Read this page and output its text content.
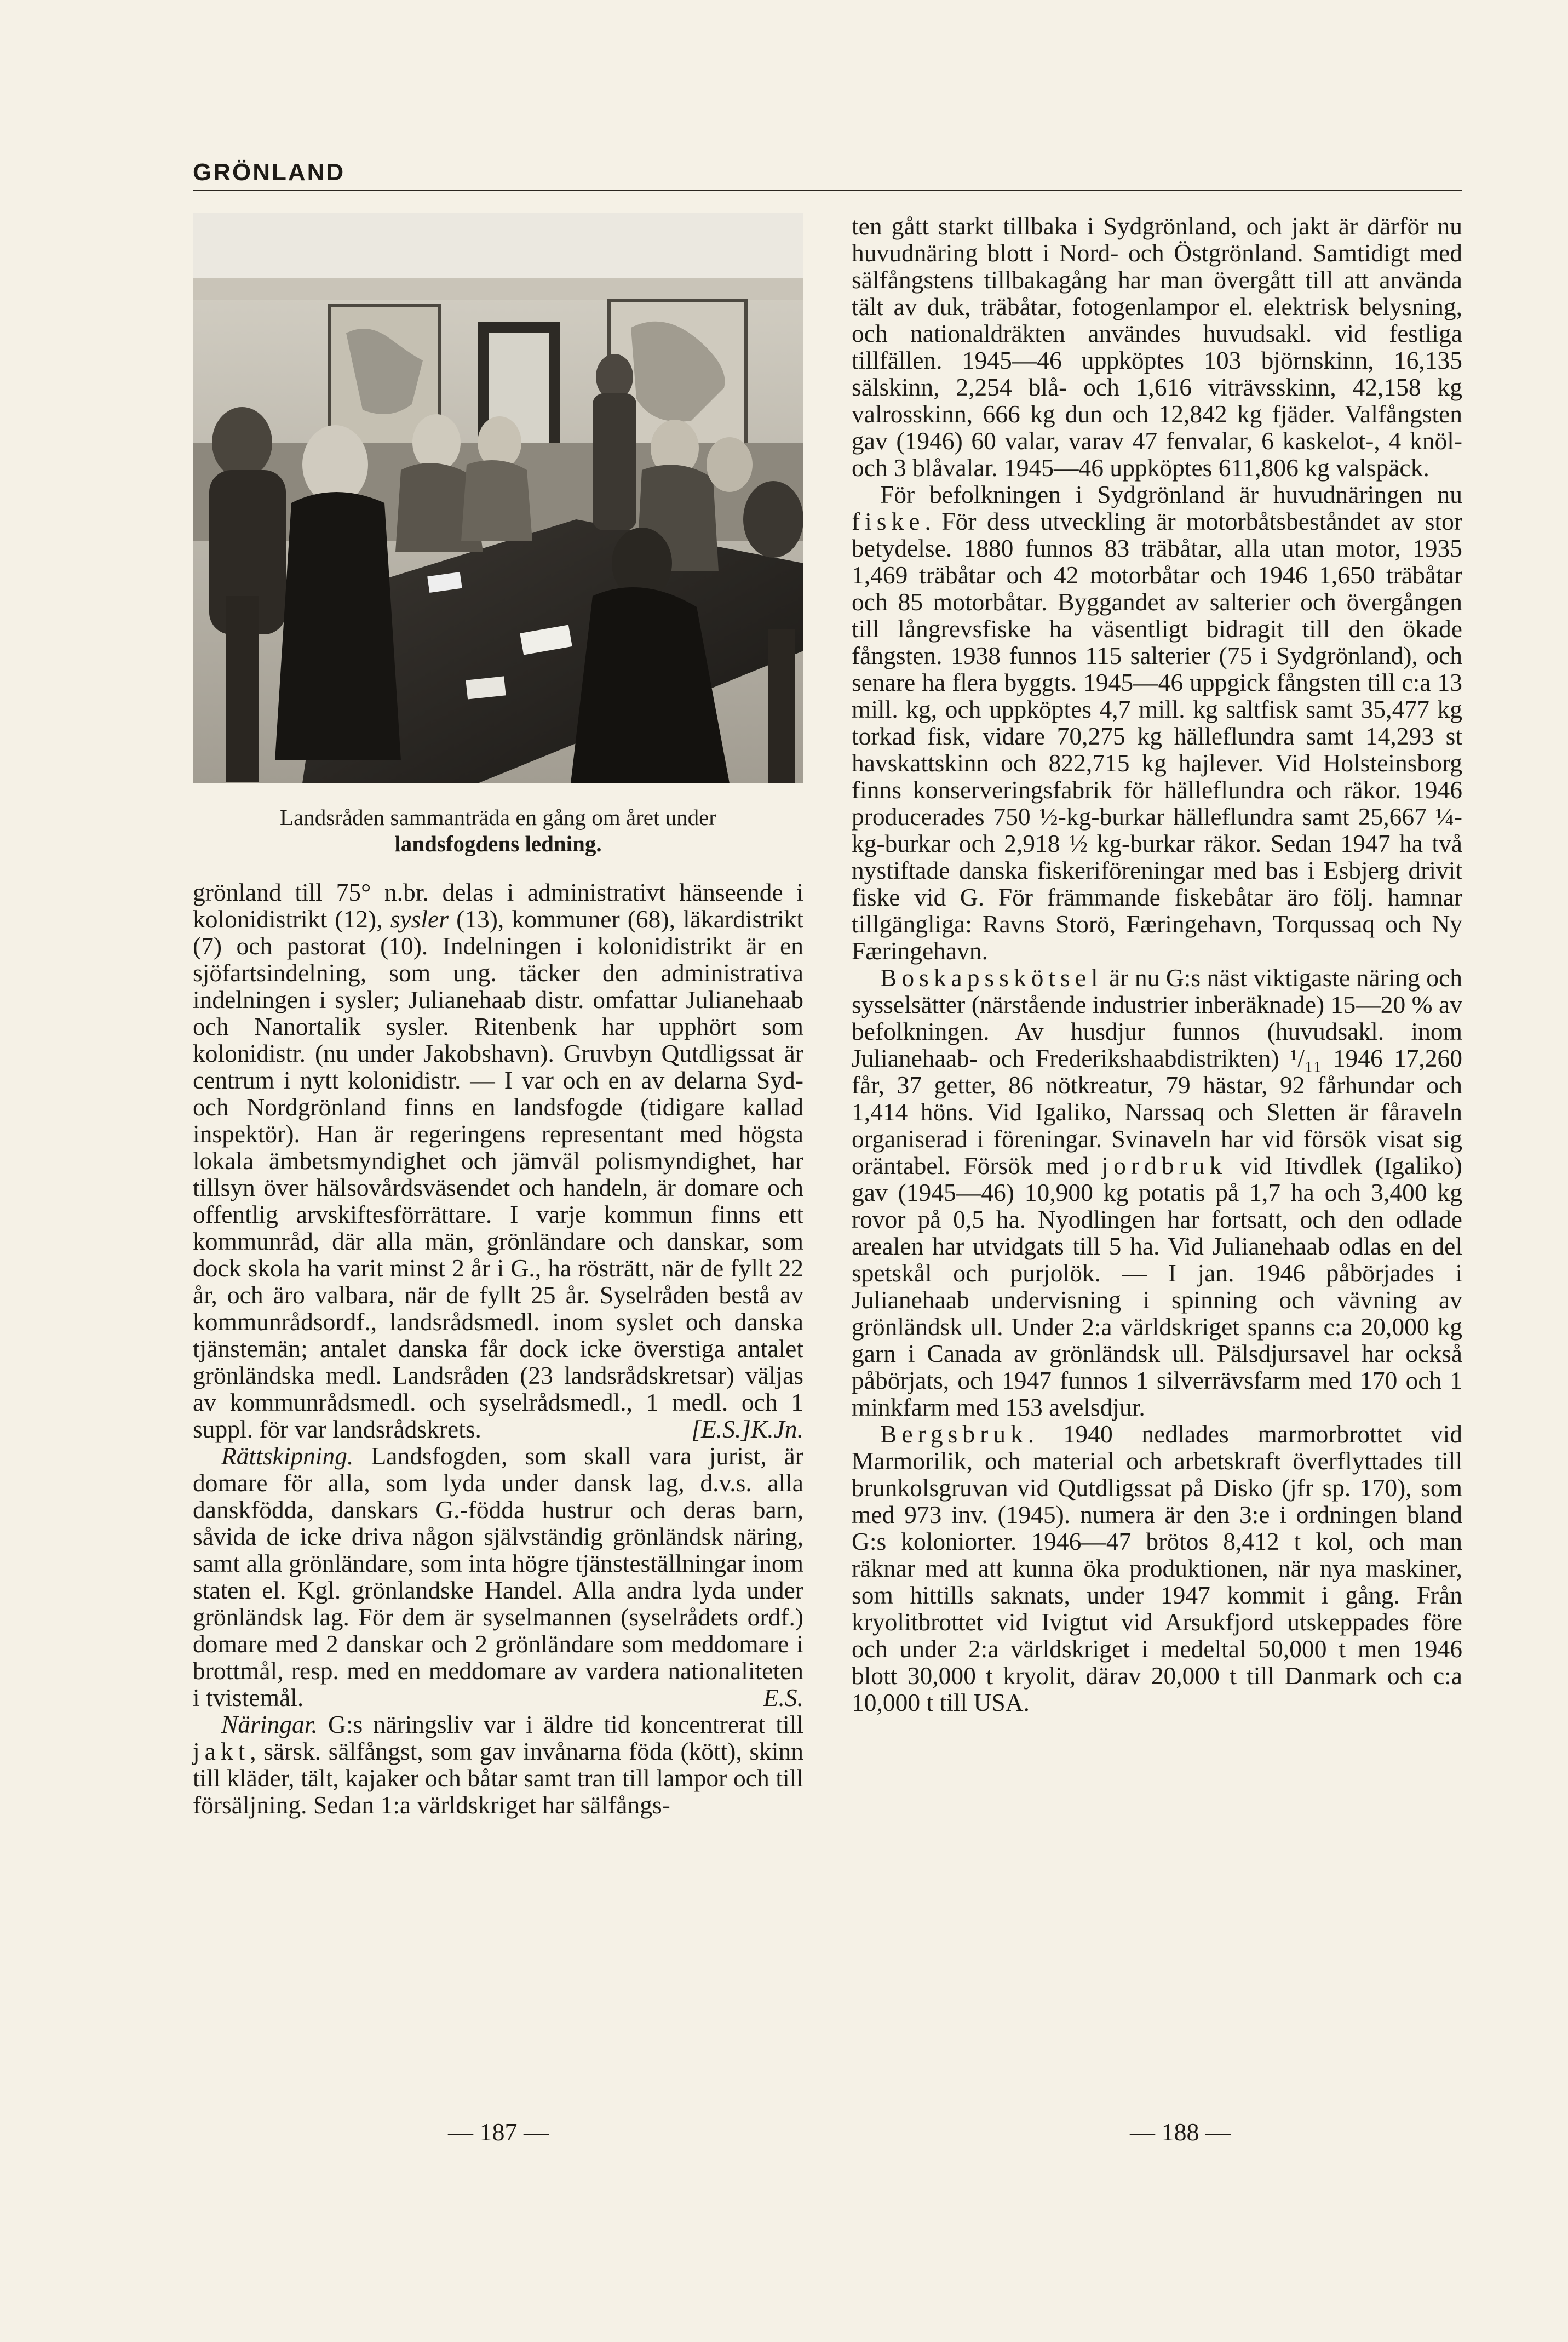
GRÖNLAND
Landsråden sammanträda en gång om året under
landsfogdens ledning.

grönland till 75° n.br. delas i administrativt hänseende i kolonidistrikt (12), sysler (13), kommuner (68), läkardistrikt (7) och pastorat (10). Indelningen i kolonidistrikt är en sjöfartsindelning, som ung. täcker den administrativa indelningen i sysler; Julianehaab distr. omfattar Julianehaab och Nanortalik sysler. Ritenbenk har upphört som kolonidistr. (nu under Jakobshavn). Gruvbyn Qutdligssat är centrum i nytt kolonidistr. — I var och en av delarna Syd- och Nordgrönland finns en landsfogde (tidigare kallad inspektör). Han är regeringens representant med högsta lokala ämbetsmyndighet och jämväl polismyndighet, har tillsyn över hälsovårdsväsendet och handeln, är domare och offentlig arvskiftesförrättare. I varje kommun finns ett kommunråd, där alla män, grönländare och danskar, som dock skola ha varit minst 2 år i G., ha rösträtt, när de fyllt 22 år, och äro valbara, när de fyllt 25 år. Syselråden bestå av kommunrådsordf., landsrådsmedl. inom syslet och danska tjänstemän; antalet danska får dock icke överstiga antalet grönländska medl. Landsråden (23 landsrådskretsar) väljas av kommunrådsmedl. och syselrådsmedl., 1 medl. och 1 suppl. för var landsrådskrets.	[E.S.]K.Jn.

Rättskipning. Landsfogden, som skall vara jurist, är domare för alla, som lyda under dansk lag, d.v.s. alla danskfödda, danskars G.-födda hustrur och deras barn, såvida de icke driva någon självständig grönländsk näring, samt alla grönländare, som inta högre tjänsteställningar inom staten el. Kgl. grönlandske Handel. Alla andra lyda under grönländsk lag. För dem är syselmannen (syselrådets ordf.) domare med 2 danskar och 2 grönländare som meddomare i brottmål, resp. med en meddomare av vardera nationaliteten i tvistemål.	E.S.

Näringar. G:s näringsliv var i äldre tid koncentrerat till jakt, särsk. sälfångst, som gav invånarna föda (kött), skinn till kläder, tält, kajaker och båtar samt tran till lampor och till försäljning. Sedan 1:a världskriget har sälfångs-

ten gått starkt tillbaka i Sydgrönland, och jakt är därför nu huvudnäring blott i Nord- och Östgrönland. Samtidigt med sälfångstens tillbakagång har man övergått till att använda tält av duk, träbåtar, fotogenlampor el. elektrisk belysning, och nationaldräkten användes huvudsakl. vid festliga tillfällen. 1945—46 uppköptes 103 björnskinn, 16,135 sälskinn, 2,254 blå- och 1,616 viträvsskinn, 42,158 kg valrosskinn, 666 kg dun och 12,842 kg fjäder. Valfångsten gav (1946) 60 valar, varav 47 fenvalar, 6 kaskelot-, 4 knöl- och 3 blåvalar. 1945—46 uppköptes 611,806 kg valspäck.

För befolkningen i Sydgrönland är huvudnäringen nu fiske. För dess utveckling är motorbåtsbeståndet av stor betydelse. 1880 funnos 83 träbåtar, alla utan motor, 1935 1,469 träbåtar och 42 motorbåtar och 1946 1,650 träbåtar och 85 motorbåtar. Byggandet av salterier och övergången till långrevsfiske ha väsentligt bidragit till den ökade fångsten. 1938 funnos 115 salterier (75 i Sydgrönland), och senare ha flera byggts. 1945—46 uppgick fångsten till c:a 13 mill. kg, och uppköptes 4,7 mill. kg saltfisk samt 35,477 kg torkad fisk, vidare 70,275 kg hälleflundra samt 14,293 st havskattskinn och 822,715 kg hajlever. Vid Holsteinsborg finns konserveringsfabrik för hälleflundra och räkor. 1946 producerades 750 ½-kg-burkar hälleflundra samt 25,667 ¼-kg-burkar och 2,918 ½ kg-burkar räkor. Sedan 1947 ha två nystiftade danska fiskeriföreningar med bas i Esbjerg drivit fiske vid G. För främmande fiskebåtar äro följ. hamnar tillgängliga: Ravns Storö, Færingehavn, Torqussaq och Ny Færingehavn.

Boskapsskötsel är nu G:s näst viktigaste näring och sysselsätter (närstående industrier inberäknade) 15—20 % av befolkningen. Av husdjur funnos (huvudsakl. inom Julianehaab- och Frederikshaabdistrikten) ¹/₁₁ 1946 17,260 får, 37 getter, 86 nötkreatur, 79 hästar, 92 fårhundar och 1,414 höns. Vid Igaliko, Narssaq och Sletten är fåraveln organiserad i föreningar. Svinaveln har vid försök visat sig oräntabel. Försök med jordbruk vid Itivdlek (Igaliko) gav (1945—46) 10,900 kg potatis på 1,7 ha och 3,400 kg rovor på 0,5 ha. Nyodlingen har fortsatt, och den odlade arealen har utvidgats till 5 ha. Vid Julianehaab odlas en del spetskål och purjolök. — I jan. 1946 påbörjades i Julianehaab undervisning i spinning och vävning av grönländsk ull. Under 2:a världskriget spanns c:a 20,000 kg garn i Canada av grönländsk ull. Pälsdjursavel har också påbörjats, och 1947 funnos 1 silverrävsfarm med 170 och 1 minkfarm med 153 avelsdjur.

Bergsbruk. 1940 nedlades marmorbrottet vid Marmorilik, och material och arbetskraft överflyttades till brunkolsgruvan vid Qutdligssat på Disko (jfr sp. 170), som med 973 inv. (1945). numera är den 3:e i ordningen bland G:s koloniorter. 1946—47 brötos 8,412 t kol, och man räknar med att kunna öka produktionen, när nya maskiner, som hittills saknats, under 1947 kommit i gång. Från kryolitbrottet vid Ivigtut vid Arsukfjord utskeppades före och under 2:a världskriget i medeltal 50,000 t men 1946 blott 30,000 t kryolit, därav 20,000 t till Danmark och c:a 10,000 t till USA.

— 187 —	— 188 —
